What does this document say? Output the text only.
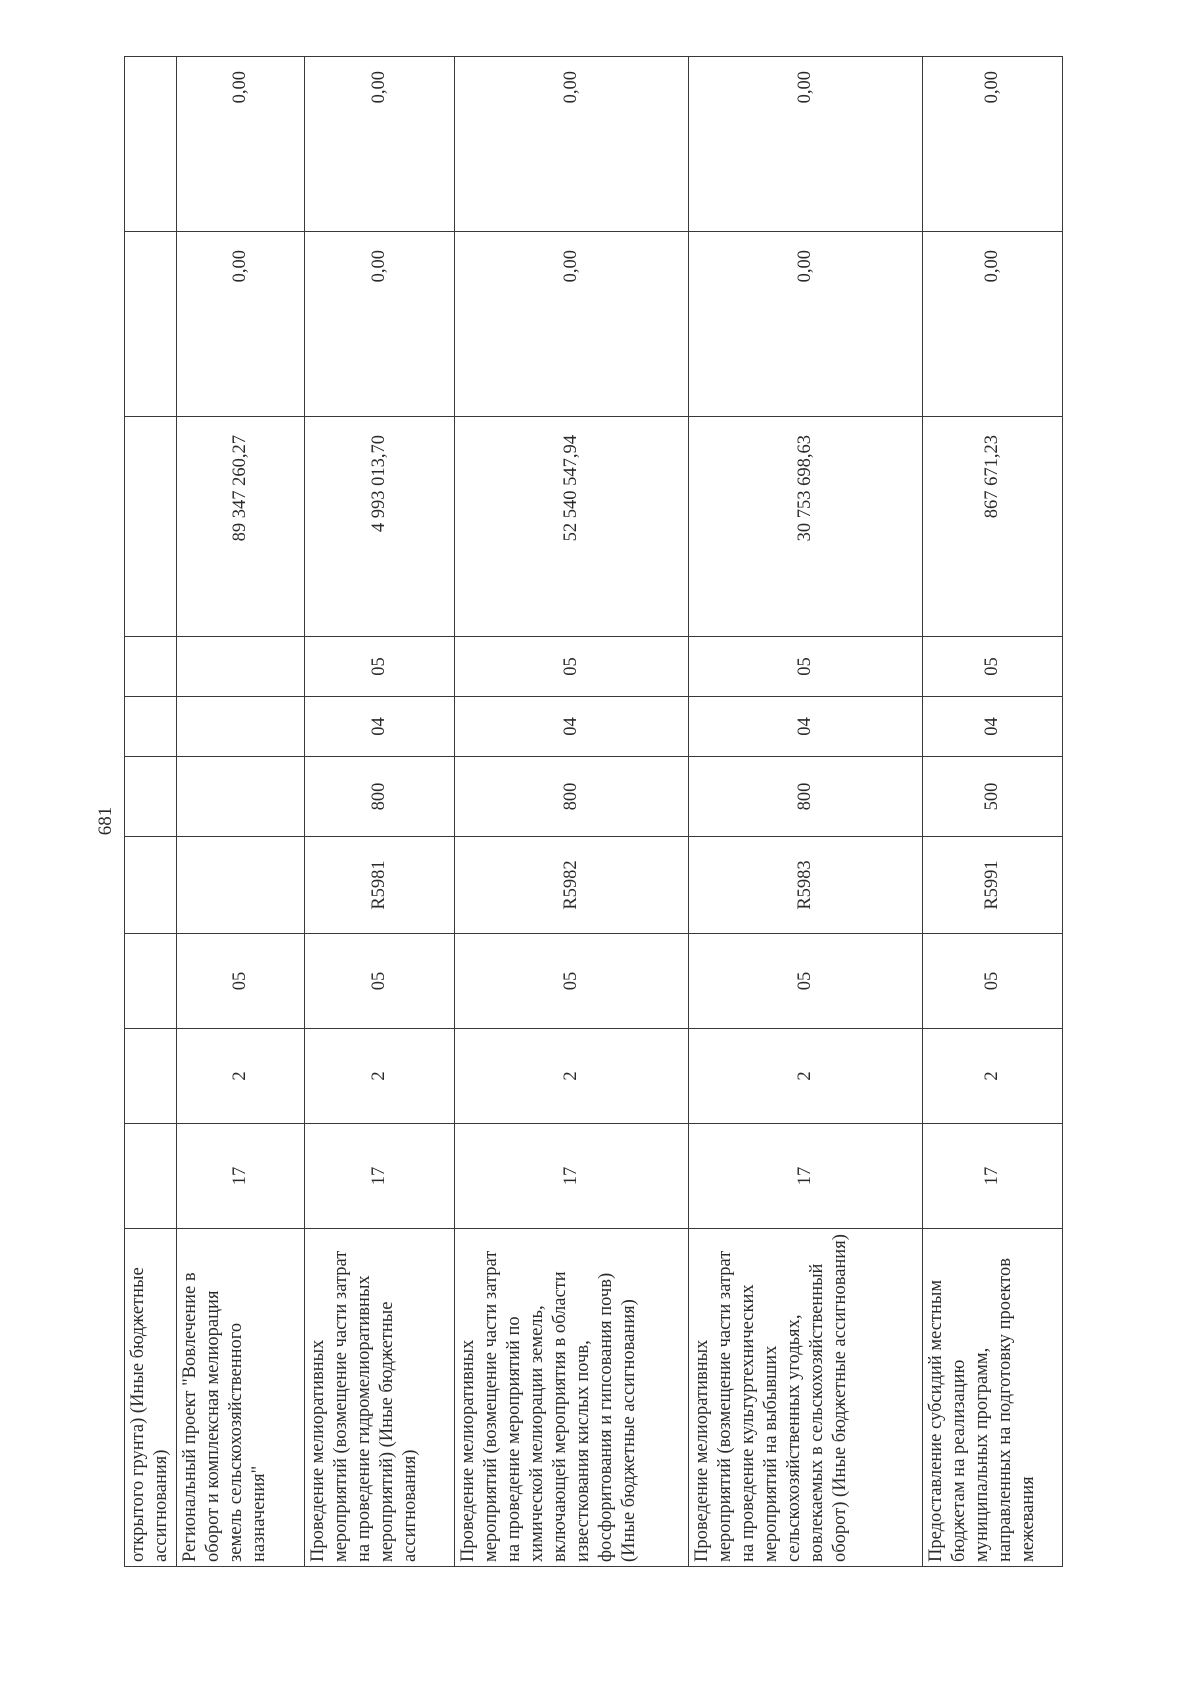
681
открытого грунта) (Иные бюджетные ассигнования)										
Региональный проект "Вовлечение в оборот и комплексная мелиорация земель сельскохозяйственного назначения"	17	2	05					89 347 260,27	0,00	0,00
Проведение мелиоративных мероприятий (возмещение части затрат на проведение гидромелиоративных мероприятий) (Иные бюджетные ассигнования)	17	2	05	R5981	800	04	05	4 993 013,70	0,00	0,00
Проведение мелиоративных мероприятий (возмещение части затрат на проведение мероприятий по химической мелиорации земель, включающей мероприятия в области известкования кислых почв, фосфоритования и гипсования почв) (Иные бюджетные ассигнования)	17	2	05	R5982	800	04	05	52 540 547,94	0,00	0,00
Проведение мелиоративных мероприятий (возмещение части затрат на проведение культуртехнических мероприятий на выбывших сельскохозяйственных угодьях, вовлекаемых в сельскохозяйственный оборот) (Иные бюджетные ассигнования)	17	2	05	R5983	800	04	05	30 753 698,63	0,00	0,00
Предоставление субсидий местным бюджетам на реализацию муниципальных программ, направленных на подготовку проектов межевания	17	2	05	R5991	500	04	05	867 671,23	0,00	0,00
